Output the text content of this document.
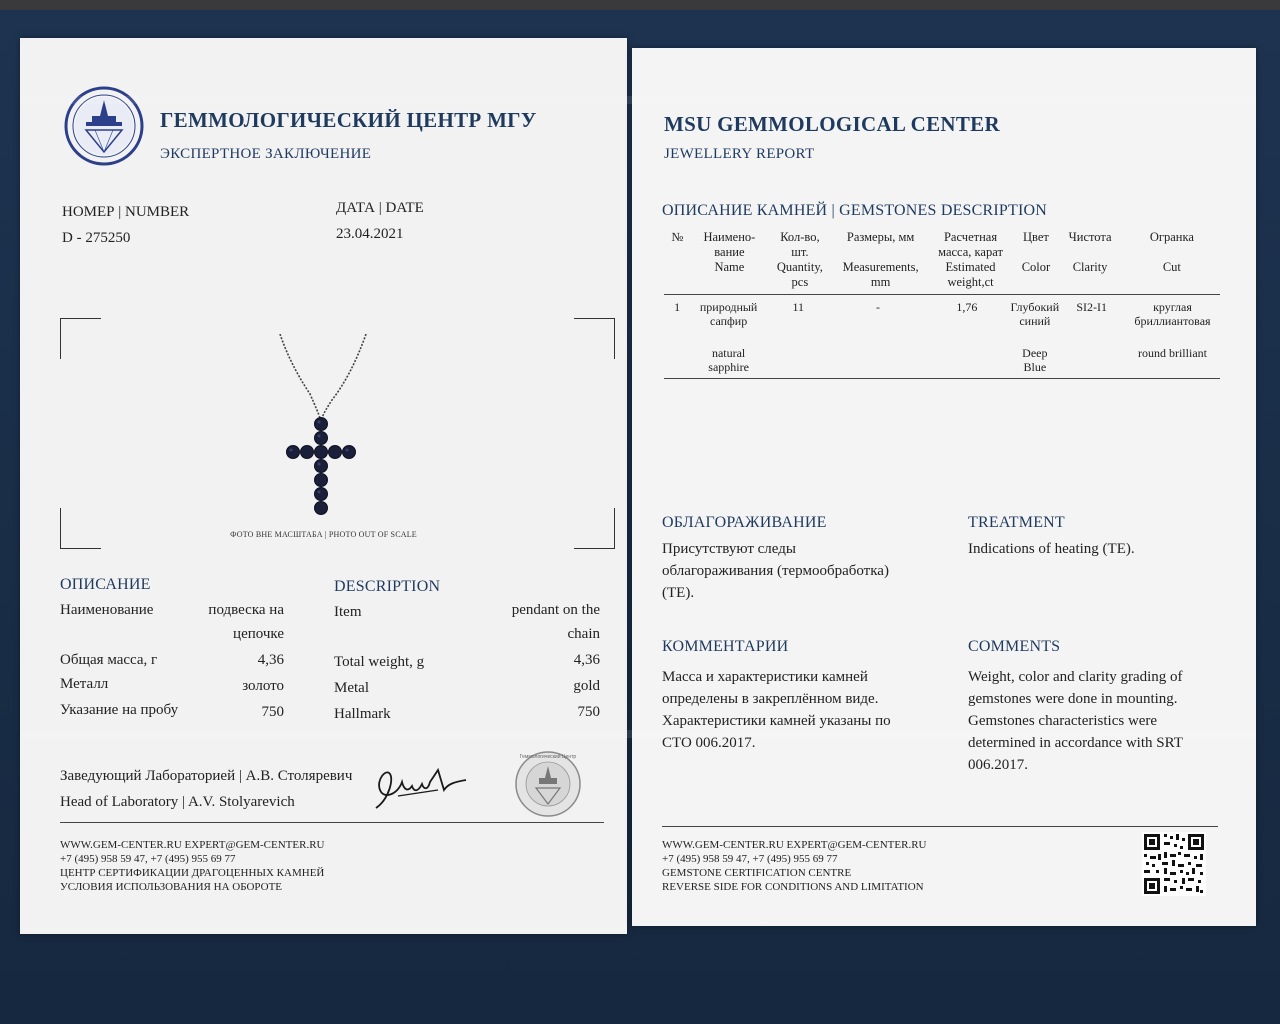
ГЕММОЛОГИЧЕСКИЙ ЦЕНТР МГУ
ЭКСПЕРТНОЕ ЗАКЛЮЧЕНИЕ
НОМЕР | NUMBER
D - 275250
ДАТА | DATE
23.04.2021
ФОТО ВНЕ МАСШТАБА | PHOTO OUT OF SCALE
ОПИСАНИЕ	DESCRIPTION
Наименование	подвеска на
цепочке
Общая масса, г	4,36
Металл	золото
Указание на пробу	750
Item	pendant on the
chain
Total weight, g	4,36
Metal	gold
Hallmark	750
Заведующий Лабораторией | А.В. Столяревич
Head of Laboratory | A.V. Stolyarevich
Геммологический Центр
WWW.GEM-CENTER.RU EXPERT@GEM-CENTER.RU
+7 (495) 958 59 47, +7 (495) 955 69 77
ЦЕНТР СЕРТИФИКАЦИИ ДРАГОЦЕННЫХ КАМНЕЙ
УСЛОВИЯ ИСПОЛЬЗОВАНИЯ НА ОБОРОТЕ
MSU GEMMOLOGICAL CENTER
JEWELLERY REPORT
ОПИСАНИЕ КАМНЕЙ | GEMSTONES DESCRIPTION
№	Наимено-вание	Кол-во, шт.	Размеры, мм	Расчетная масса, карат	Цвет	Чистота	Огранка
	Name	Quantity, pcs	Measurements, mm	Estimated weight,ct	Color	Clarity	Cut
1	природный сапфир	11	-	1,76	Глубокий синий	SI2-I1	круглая бриллиантовая

	natural sapphire				Deep Blue		round brilliant
ОБЛАГОРАЖИВАНИЕ
Присутствуют следы облагораживания (термообработка) (ТЕ).
TREATMENT
Indications of heating (TE).
КОММЕНТАРИИ
Масса и характеристики камней определены в закреплённом виде. Характеристики камней указаны по СТО 006.2017.
COMMENTS
Weight, color and clarity grading of gemstones were done in mounting. Gemstones characteristics were determined in accordance with SRT 006.2017.
WWW.GEM-CENTER.RU EXPERT@GEM-CENTER.RU
+7 (495) 958 59 47, +7 (495) 955 69 77
GEMSTONE CERTIFICATION CENTRE
REVERSE SIDE FOR CONDITIONS AND LIMITATION
